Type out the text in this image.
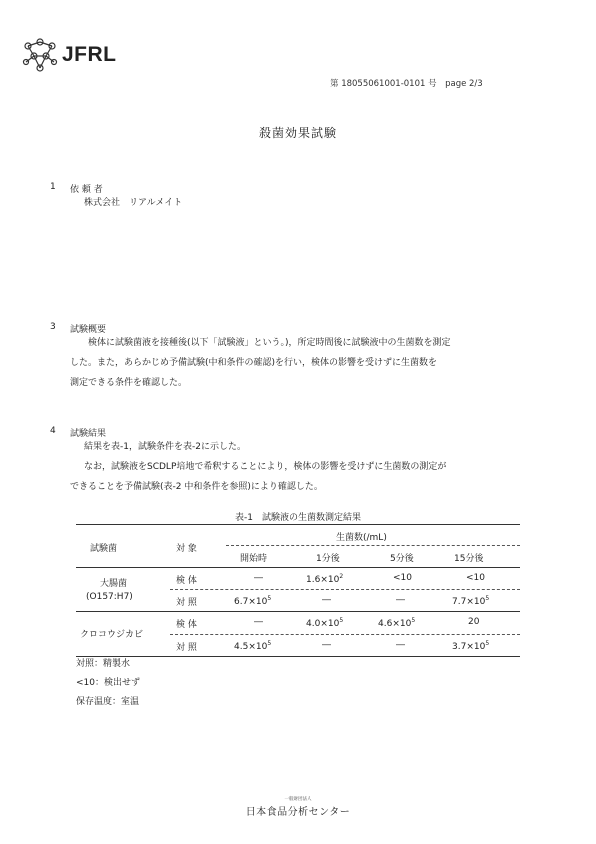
JFRL
第 18055061001-0101 号　page 2/3
殺菌効果試験
1 依 頼 者
株式会社　リアルメイト
3 試験概要
検体に試験菌液を接種後(以下「試験液」という。)，所定時間後に試験液中の生菌数を測定
した。また，あらかじめ予備試験(中和条件の確認)を行い，検体の影響を受けずに生菌数を
測定できる条件を確認した。
4 試験結果
結果を表-1，試験条件を表-2に示した。
なお，試験液をSCDLP培地で希釈することにより，検体の影響を受けずに生菌数の測定が
できることを予備試験(表-2 中和条件を参照)により確認した。
表-1　試験液の生菌数測定結果
試験菌	対 象
生菌数(/mL)
開始時	1分後	5分後	15分後
大腸菌
(O157:H7)
検 体	―	$1.6\times 10^2$	<10	<10
対 照	$6.7\times 10^5$	―	―	$7.7\times 10^5$
クロコウジカビ
検 体	―	$4.0\times 10^5$	$4.6\times 10^5$	20
対 照	$4.5\times 10^5$	―	―	$3.7\times 10^5$
対照：精製水
<10：検出せず
保存温度：室温
一般財団法人
日本食品分析センター
